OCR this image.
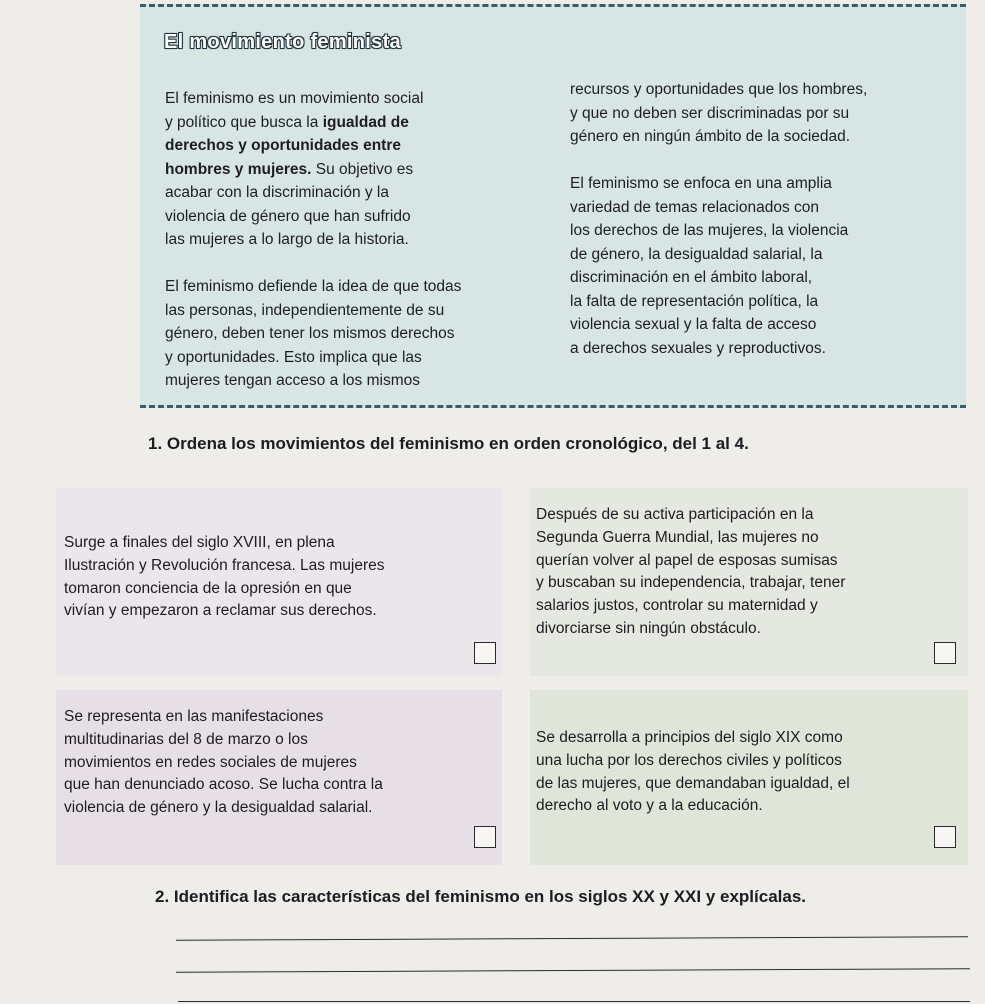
El movimiento feminista

El feminismo es un movimiento social

y político que busca la igualdad de

derechos y oportunidades entre

hombres y mujeres. Su objetivo es

acabar con la discriminación y la

violencia de género que han sufrido

las mujeres a lo largo de la historia.

El feminismo defiende la idea de que todas

las personas, independientemente de su

género, deben tener los mismos derechos

y oportunidades. Esto implica que las

mujeres tengan acceso a los mismos

recursos y oportunidades que los hombres,

y que no deben ser discriminadas por su

género en ningún ámbito de la sociedad.

El feminismo se enfoca en una amplia

variedad de temas relacionados con

los derechos de las mujeres, la violencia

de género, la desigualdad salarial, la

discriminación en el ámbito laboral,

la falta de representación política, la

violencia sexual y la falta de acceso

a derechos sexuales y reproductivos.

1. Ordena los movimientos del feminismo en orden cronológico, del 1 al 4.

Surge a finales del siglo XVIII, en plena

Ilustración y Revolución francesa. Las mujeres

tomaron conciencia de la opresión en que

vivían y empezaron a reclamar sus derechos.

Después de su activa participación en la

Segunda Guerra Mundial, las mujeres no

querían volver al papel de esposas sumisas

y buscaban su independencia, trabajar, tener

salarios justos, controlar su maternidad y

divorciarse sin ningún obstáculo.

Se representa en las manifestaciones

multitudinarias del 8 de marzo o los

movimientos en redes sociales de mujeres

que han denunciado acoso. Se lucha contra la

violencia de género y la desigualdad salarial.

Se desarrolla a principios del siglo XIX como

una lucha por los derechos civiles y políticos

de las mujeres, que demandaban igualdad, el

derecho al voto y a la educación.

2. Identifica las características del feminismo en los siglos XX y XXI y explícalas.
